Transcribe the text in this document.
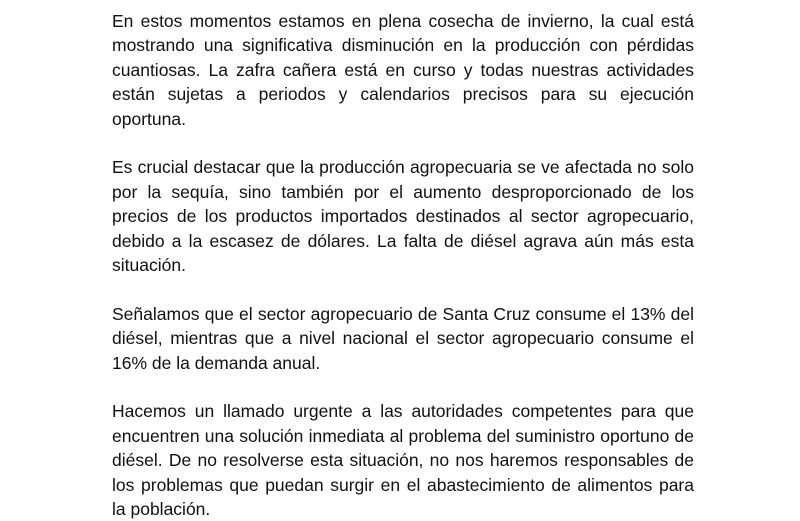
En estos momentos estamos en plena cosecha de invierno, la cual está mostrando una significativa disminución en la producción con pérdidas cuantiosas. La zafra cañera está en curso y todas nuestras actividades están sujetas a periodos y calendarios precisos para su ejecución oportuna.

Es crucial destacar que la producción agropecuaria se ve afectada no solo por la sequía, sino también por el aumento desproporcionado de los precios de los productos importados destinados al sector agropecuario, debido a la escasez de dólares. La falta de diésel agrava aún más esta situación.

Señalamos que el sector agropecuario de Santa Cruz consume el 13% del diésel, mientras que a nivel nacional el sector agropecuario consume el 16% de la demanda anual.

Hacemos un llamado urgente a las autoridades competentes para que encuentren una solución inmediata al problema del suministro oportuno de diésel. De no resolverse esta situación, no nos haremos responsables de los problemas que puedan surgir en el abastecimiento de alimentos para la población.
